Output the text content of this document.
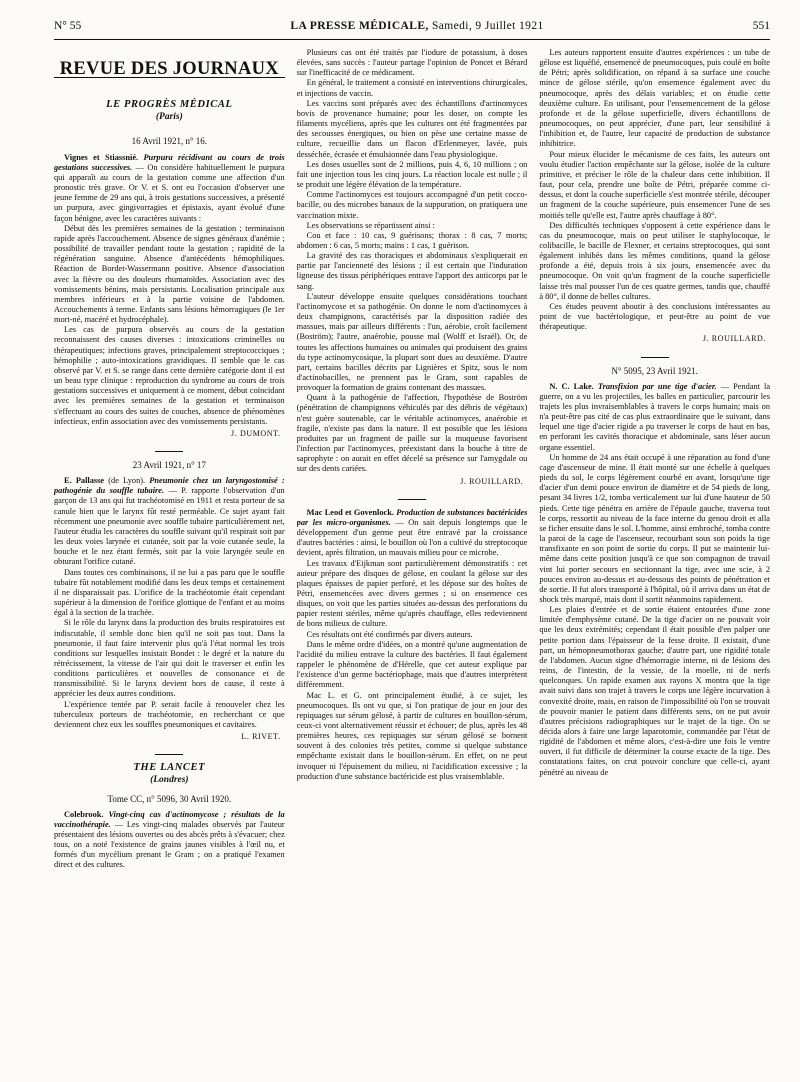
N° 55	LA PRESSE MÉDICALE, Samedi, 9 Juillet 1921	551
REVUE DES JOURNAUX
LE PROGRÈS MÉDICAL
(Paris)
16 Avril 1921, n° 16.

Vignes et Stiassnié. Purpura récidivant au cours de trois gestations successives. — On considère habituellement le purpura qui apparaît au cours de la gestation comme une affection d'un pronostic très grave. Or V. et S. ont eu l'occasion d'observer une jeune femme de 29 ans qui, à trois gestations successives, a présenté un purpura, avec gingivorragies et épistaxis, ayant évolué d'une façon bénigne, avec les caractères suivants :

Début dès les premières semaines de la gestation ; terminaison rapide après l'accouchement. Absence de signes généraux d'anémie ; possibilité de travailler pendant toute la gestation ; rapidité de la régénération sanguine. Absence d'antécédents hémophiliques. Réaction de Bordet-Wassermann positive. Absence d'association avec la fièvre ou des douleurs rhumatoïdes. Association avec des vomissements bénins, mais persistants. Localisation principale aux membres inférieurs et à la partie voisine de l'abdomen. Accouchements à terme. Enfants sans lésions hémorragiques (le 1er mort-né, macéré et hydrocéphale).

Les cas de purpura observés au cours de la gestation reconnaissent des causes diverses : intoxications criminelles ou thérapeutiques; infections graves, principalement streptococciques ; hémophilie ; auto-intoxications gravidiques. Il semble que le cas observé par V. et S. se range dans cette dernière catégorie dont il est un beau type clinique : reproduction du syndrome au cours de trois gestations successives et uniquement à ce moment, début coïncidant avec les premières semaines de la gestation et terminaison s'effectuant au cours des suites de couches, absence de phénomènes infectieux, enfin association avec des vomissements persistants.

J. DUMONT.
23 Avril 1921, n° 17

E. Pallasse (de Lyon). Pneumonie chez un laryngostomisé : pathogénie du souffle tubaire. — P. rapporte l'observation d'un garçon de 13 ans qui fut trachéotomisé en 1911 et resta porteur de sa canule bien que le larynx fût resté perméable. Ce sujet ayant fait récemment une pneumonie avec souffle tubaire particulièrement net, l'auteur étudia les caractères du souffle suivant qu'il respirait soit par les deux voies larynée et cutanée, soit par la voie cutanée seule, la bouche et le nez étant fermés, soit par la voie laryngée seule en obturant l'orifice cutané.

Dans toutes ces combinaisons, il ne lui a pas paru que le souffle tubaire fût notablement modifié dans les deux temps et certainement il ne disparaissait pas. L'orifice de la trachéotomie était cependant supérieur à la dimension de l'orifice glottique de l'enfant et au moins égal à la section de la trachée.

Si le rôle du larynx dans la production des bruits respiratoires est indiscutable, il semble donc bien qu'il ne soit pas tout. Dans la pneumonie, il faut faire intervenir plus qu'à l'état normal les trois conditions sur lesquelles insistait Bondet : le degré et la nature du rétrécissement, la vitesse de l'air qui doit le traverser et enfin les conditions particulières et nouvelles de consonance et de transmissibilité. Si le larynx devient hors de cause, il reste à apprécier les deux autres conditions.

L'expérience tentée par P. serait facile à renouveler chez les tuberculeux porteurs de trachéotomie, en recherchant ce que deviennent chez eux les souffles pneumoniques et cavitaires.

L. RIVET.
THE LANCET
(Londres)
Tome CC, n° 5096, 30 Avril 1920.

Colebrook. Vingt-cinq cas d'actinomycose ; résultats de la vaccinothérapie. — Les vingt-cinq malades observés par l'auteur présentaient des lésions ouvertes ou des abcès prêts à s'évacuer; chez tous, on a noté l'existence de grains jaunes visibles à l'œil nu, et formés d'un mycélium prenant le Gram ; on a pratiqué l'examen direct et des cultures.

Plusieurs cas ont été traités par l'iodure de potassium, à doses élevées, sans succès : l'auteur partage l'opinion de Poncet et Bérard sur l'inefficacité de ce médicament.

En général, le traitement a consisté en interventions chirurgicales, et injections de vaccin.

Les vaccins sont préparés avec des échantillons d'actinomyces bovis de provenance humaine; pour les doser, on compte les filaments mycéliens, après que les cultures ont été fragmentées par des secousses énergiques, ou bien on pèse une certaine masse de culture, recueillie dans un flacon d'Erlenmeyer, lavée, puis desséchée, écrasée et émulsionnée dans l'eau physiologique.

Les doses usuelles sont de 2 millions, puis 4, 6, 10 millions ; on fait une injection tous les cinq jours. La réaction locale est nulle ; il se produit une légère élévation de la température.

Comme l'actinomyces est toujours accompagné d'un petit cocco-bacille, ou des microbes banaux de la suppuration, on pratiquera une vaccination mixte.

Les observations se répartissent ainsi :

Cou et face : 10 cas, 9 guérisons; thorax : 8 cas, 7 morts; abdomen : 6 cas, 5 morts; mains : 1 cas, 1 guérison.

La gravité des cas thoraciques et abdominaux s'expliquerait en partie par l'ancienneté des lésions ; il est certain que l'induration ligneuse des tissus périphériques entrave l'apport des anticorps par le sang.

L'auteur développe ensuite quelques considérations touchant l'actinomycose et sa pathogénie. On donne le nom d'actinomyces à deux champignons, caractérisés par la disposition radiée des massues, mais par ailleurs différents : l'un, aérobie, croît facilement (Boström); l'autre, anaérobie, pousse mal (Wolff et Israël). Or, de toutes les affections humaines ou animales qui produisent des grains du type actinomycosique, la plupart sont dues au deuxième. D'autre part, certains bacilles décrits par Lignières et Spitz, sous le nom d'actinobacilles, ne prennent pas le Gram, sont capables de provoquer la formation de grains contenant des massues.

Quant à la pathogénie de l'affection, l'hypothèse de Boström (pénétration de champignons véhiculés par des débris de végétaux) n'est guère soutenable, car le véritable actinomyces, anaérobie et fragile, n'existe pas dans la nature. Il est possible que les lésions produites par un fragment de paille sur la muqueuse favorisent l'infection par l'actinomyces, préexistant dans la bouche à titre de saprophyte : on aurait en effet décelé sa présence sur l'amygdale ou sur des dents cariées.

J. ROUILLARD.

Mac Leod et Govenlock. Production de substances bactéricides par les micro-organismes. — On sait depuis longtemps que le développement d'un germe peut être entravé par la croissance d'autres bactéries : ainsi, le bouillon où l'on a cultivé du streptocoque devient, après filtration, un mauvais milieu pour ce microbe.

Les travaux d'Eijkman sont particulièrement démonstratifs : cet auteur prépare des disques de gélose, en coulant la gélose sur des plaques épaisses de papier perforé, et les dépose sur des boîtes de Pétri, ensemencées avec divers germes ; si on ensemence ces disques, on voit que les parties situées au-dessus des perforations du papier restent stériles, même qu'après chauffage, elles redeviennent de bons milieux de culture.

Ces résultats ont été confirmés par divers auteurs.

Dans le même ordre d'idées, on a montré qu'une augmentation de l'acidité du milieu entrave la culture des bactéries. Il faut également rappeler le phénomène de d'Hérelle, que cet auteur explique par l'existence d'un germe bactériophage, mais que d'autres interprètent différemment.

Mac L. et G. ont principalement étudié, à ce sujet, les pneumocoques. Ils ont vu que, si l'on pratique de jour en jour des repiquages sur sérum gélosé, à partir de cultures en bouillon-sérum, ceux-ci vont alternativement réussir et échouer; de plus, après les 48 premières heures, ces repiquages sur sérum gélosé se bornent souvent à des colonies très petites, comme si quelque substance empêchante existait dans le bouillon-sérum. En effet, on ne peut invoquer ni l'épuisement du milieu, ni l'acidification excessive ; la production d'une substance bactéricide est plus vraisemblable.

Les auteurs rapportent ensuite d'autres expériences : un tube de gélose est liquéfié, ensemencé de pneumocoques, puis coulé en boîte de Pétri; après solidification, on répand à sa surface une couche mince de gélose stérile, qu'on ensemence également avec du pneumocoque, après des délais variables; et on étudie cette deuxième culture. En utilisant, pour l'ensemencement de la gélose profonde et de la gélose superficielle, divers échantillons de pneumocoques, on peut apprécier, d'une part, leur sensibilité à l'inhibition et, de l'autre, leur capacité de production de substance inhibitrice.

Pour mieux élucider le mécanisme de ces faits, les auteurs ont voulu étudier l'action empêchante sur la gélose, isolée de la culture primitive, et préciser le rôle de la chaleur dans cette inhibition. Il faut, pour cela, prendre une boîte de Pétri, préparée comme ci-dessus, et dont la couche superficielle s'est montrée stérile, découper un fragment de la couche supérieure, puis ensemencer l'une de ses moitiés telle qu'elle est, l'autre après chauffage à 80°.

Des difficultés techniques s'opposent à cette expérience dans le cas du pneumocoque, mais on peut utiliser le staphylocoque, le colibacille, le bacille de Flexner, et certains streptocoques, qui sont également inhibés dans les mêmes conditions, quand la gélose profonde a été, depuis trois à six jours, ensemencée avec du pneumocoque. On voit qu'un fragment de la couche superficielle laisse très mal pousser l'un de ces quatre germes, tandis que, chauffé à 80°, il donne de belles cultures.

Ces études peuvent aboutir à des conclusions intéressantes au point de vue bactériologique, et peut-être au point de vue thérapeutique.

J. ROUILLARD.
N° 5095, 23 Avril 1921.

N. C. Lake. Transfixion par une tige d'acier. — Pendant la guerre, on a vu les projectiles, les balles en particulier, parcourir les trajets les plus invraisemblables à travers le corps humain; mais on n'a peut-être pas cité de cas plus extraordinaire que le suivant, dans lequel une tige d'acier rigide a pu traverser le corps de haut en bas, en perforant les cavités thoracique et abdominale, sans léser aucun organe essentiel.

Un homme de 24 ans était occupé à une réparation au fond d'une cage d'ascenseur de mine. Il était monté sur une échelle à quelques pieds du sol, le corps légèrement courbé en avant, lorsqu'une tige d'acier d'un demi pouce environ de diamètre et de 54 pieds de long, pesant 34 livres 1/2, tomba verticalement sur lui d'une hauteur de 50 pieds. Cette tige pénétra en arrière de l'épaule gauche, traversa tout le corps, ressortit au niveau de la face interne du genou droit et alla se ficher ensuite dans le sol. L'homme, ainsi embroché, tomba contre la paroi de la cage de l'ascenseur, recourbant sous son poids la tige transfixante en son point de sortie du corps. Il put se maintenir lui-même dans cette position jusqu'à ce que son compagnon de travail vint lui porter secours en sectionnant la tige, avec une scie, à 2 pouces environ au-dessus et au-dessous des points de pénétration et de sortie. Il fut alors transporté à l'hôpital, où il arriva dans un état de shock très marqué, mais dont il sortit néanmoins rapidement.

Les plaies d'entrée et de sortie étaient entourées d'une zone limitée d'emphysème cutané. De la tige d'acier on ne pouvait voir que les deux extrémités; cependant il était possible d'en palper une petite portion dans l'épaisseur de la fesse droite. Il existait, d'une part, un hémopneumothorax gauche; d'autre part, une rigidité totale de l'abdomen. Aucun signe d'hémorragie interne, ni de lésions des reins, de l'intestin, de la vessie, de la moelle, ni de nerfs quelconques. Un rapide examen aux rayons X montra que la tige avait suivi dans son trajet à travers le corps une légère incurvation à convexité droite, mais, en raison de l'impossibilité où l'on se trouvait de pouvoir manier le patient dans différents sens, on ne put avoir d'autres précisions radiographiques sur le trajet de la tige. On se décida alors à faire une large laparotomie, commandée par l'état de rigidité de l'abdomen et même alors, c'est-à-dire une fois le ventre ouvert, il fut difficile de déterminer la course exacte de la tige. Des constatations faites, on crut pouvoir conclure que celle-ci, ayant pénétré au niveau de
